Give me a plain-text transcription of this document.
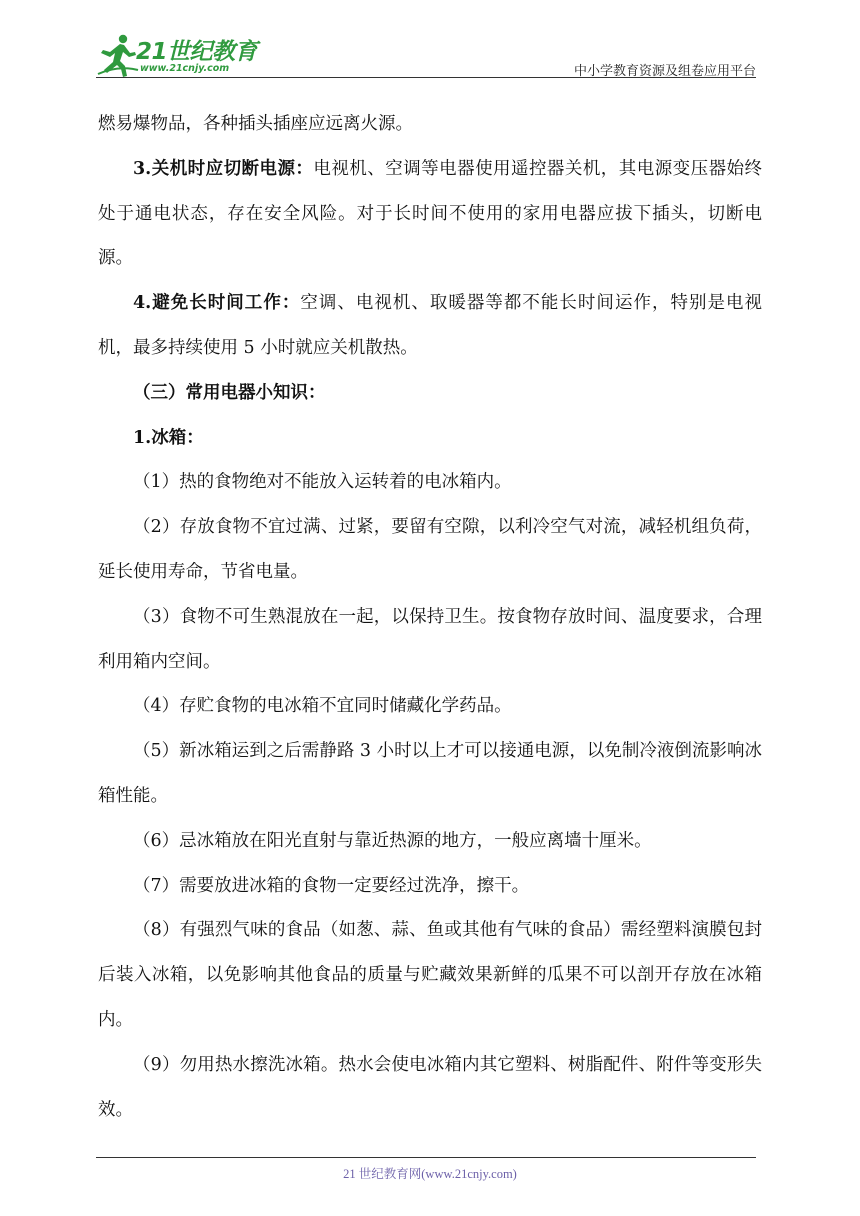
21世纪教育
www.21cnjy.com	中小学教育资源及组卷应用平台

燃易爆物品，各种插头插座应远离火源。

3.关机时应切断电源：电视机、空调等电器使用遥控器关机，其电源变压器始终处于通电状态，存在安全风险。对于长时间不使用的家用电器应拔下插头，切断电源。

4.避免长时间工作：空调、电视机、取暖器等都不能长时间运作，特别是电视机，最多持续使用 5 小时就应关机散热。

（三）常用电器小知识：

1.冰箱：

（1）热的食物绝对不能放入运转着的电冰箱内。

（2）存放食物不宜过满、过紧，要留有空隙，以利冷空气对流，减轻机组负荷，延长使用寿命，节省电量。

（3）食物不可生熟混放在一起，以保持卫生。按食物存放时间、温度要求，合理利用箱内空间。

（4）存贮食物的电冰箱不宜同时储藏化学药品。

（5）新冰箱运到之后需静路 3 小时以上才可以接通电源，以免制冷液倒流影响冰箱性能。

（6）忌冰箱放在阳光直射与靠近热源的地方，一般应离墙十厘米。

（7）需要放进冰箱的食物一定要经过洗净，擦干。

（8）有强烈气味的食品（如葱、蒜、鱼或其他有气味的食品）需经塑料演膜包封后装入冰箱，以免影响其他食品的质量与贮藏效果新鲜的瓜果不可以剖开存放在冰箱内。

（9）勿用热水擦洗冰箱。热水会使电冰箱内其它塑料、树脂配件、附件等变形失效。

21 世纪教育网(www.21cnjy.com)
